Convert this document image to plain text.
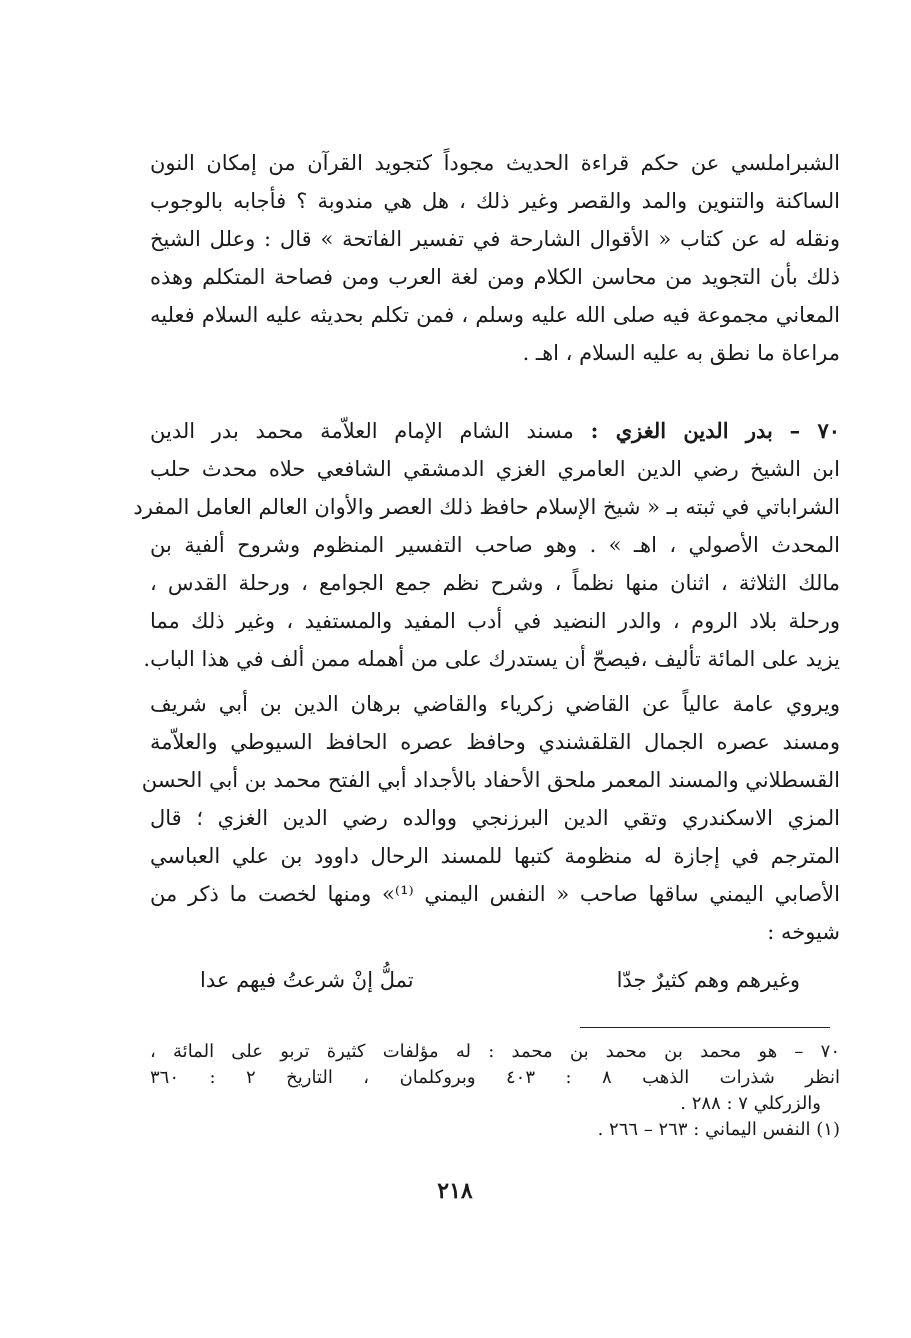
الشبراملسي عن حكم قراءة الحديث مجوداً كتجويد القرآن من إمكان النون
الساكنة والتنوين والمد والقصر وغير ذلك ، هل هي مندوبة ؟ فأجابه بالوجوب
ونقله له عن كتاب « الأقوال الشارحة في تفسير الفاتحة » قال : وعلل الشيخ
ذلك بأن التجويد من محاسن الكلام ومن لغة العرب ومن فصاحة المتكلم وهذه
المعاني مجموعة فيه صلى الله عليه وسلم ، فمن تكلم بحديثه عليه السلام فعليه
مراعاة ما نطق به عليه السلام ، اهـ .
٧٠ – بدر الدين الغزي : مسند الشام الإمام العلاّمة محمد بدر الدين
ابن الشيخ رضي الدين العامري الغزي الدمشقي الشافعي حلاه محدث حلب
الشراباتي في ثبته بـ « شيخ الإسلام حافظ ذلك العصر والأوان العالم العامل المفرد
المحدث الأصولي ، اهـ » . وهو صاحب التفسير المنظوم وشروح ألفية بن
مالك الثلاثة ، اثنان منها نظماً ، وشرح نظم جمع الجوامع ، ورحلة القدس ،
ورحلة بلاد الروم ، والدر النضيد في أدب المفيد والمستفيد ، وغير ذلك مما
يزيد على المائة تأليف ،فيصحّ أن يستدرك على من أهمله ممن ألف في هذا الباب.
ويروي عامة عالياً عن القاضي زكرياء والقاضي برهان الدين بن أبي شريف
ومسند عصره الجمال القلقشندي وحافظ عصره الحافظ السيوطي والعلاّمة
القسطلاني والمسند المعمر ملحق الأحفاد بالأجداد أبي الفتح محمد بن أبي الحسن
المزي الاسكندري وتقي الدين البرزنجي ووالده رضي الدين الغزي ؛ قال
المترجم في إجازة له منظومة كتبها للمسند الرحال داوود بن علي العباسي
الأصابي اليمني ساقها صاحب « النفس اليمني ⁽¹⁾» ومنها لخصت ما ذكر من
شيوخه :
وغيرهم وهم كثيرٌ جدّا
تملُّ إنْ شرعتُ فيهم عدا
٧٠ – هو محمد بن محمد بن محمد : له مؤلفات كثيرة تربو على المائة ،
انظر شذرات الذهب ٨ : ٤٠٣ وبروكلمان ، التاريخ ٢ : ٣٦٠
والزركلي ٧ : ٢٨٨ .
(١) النفس اليماني : ٢٦٣ – ٢٦٦ .
٢١٨
